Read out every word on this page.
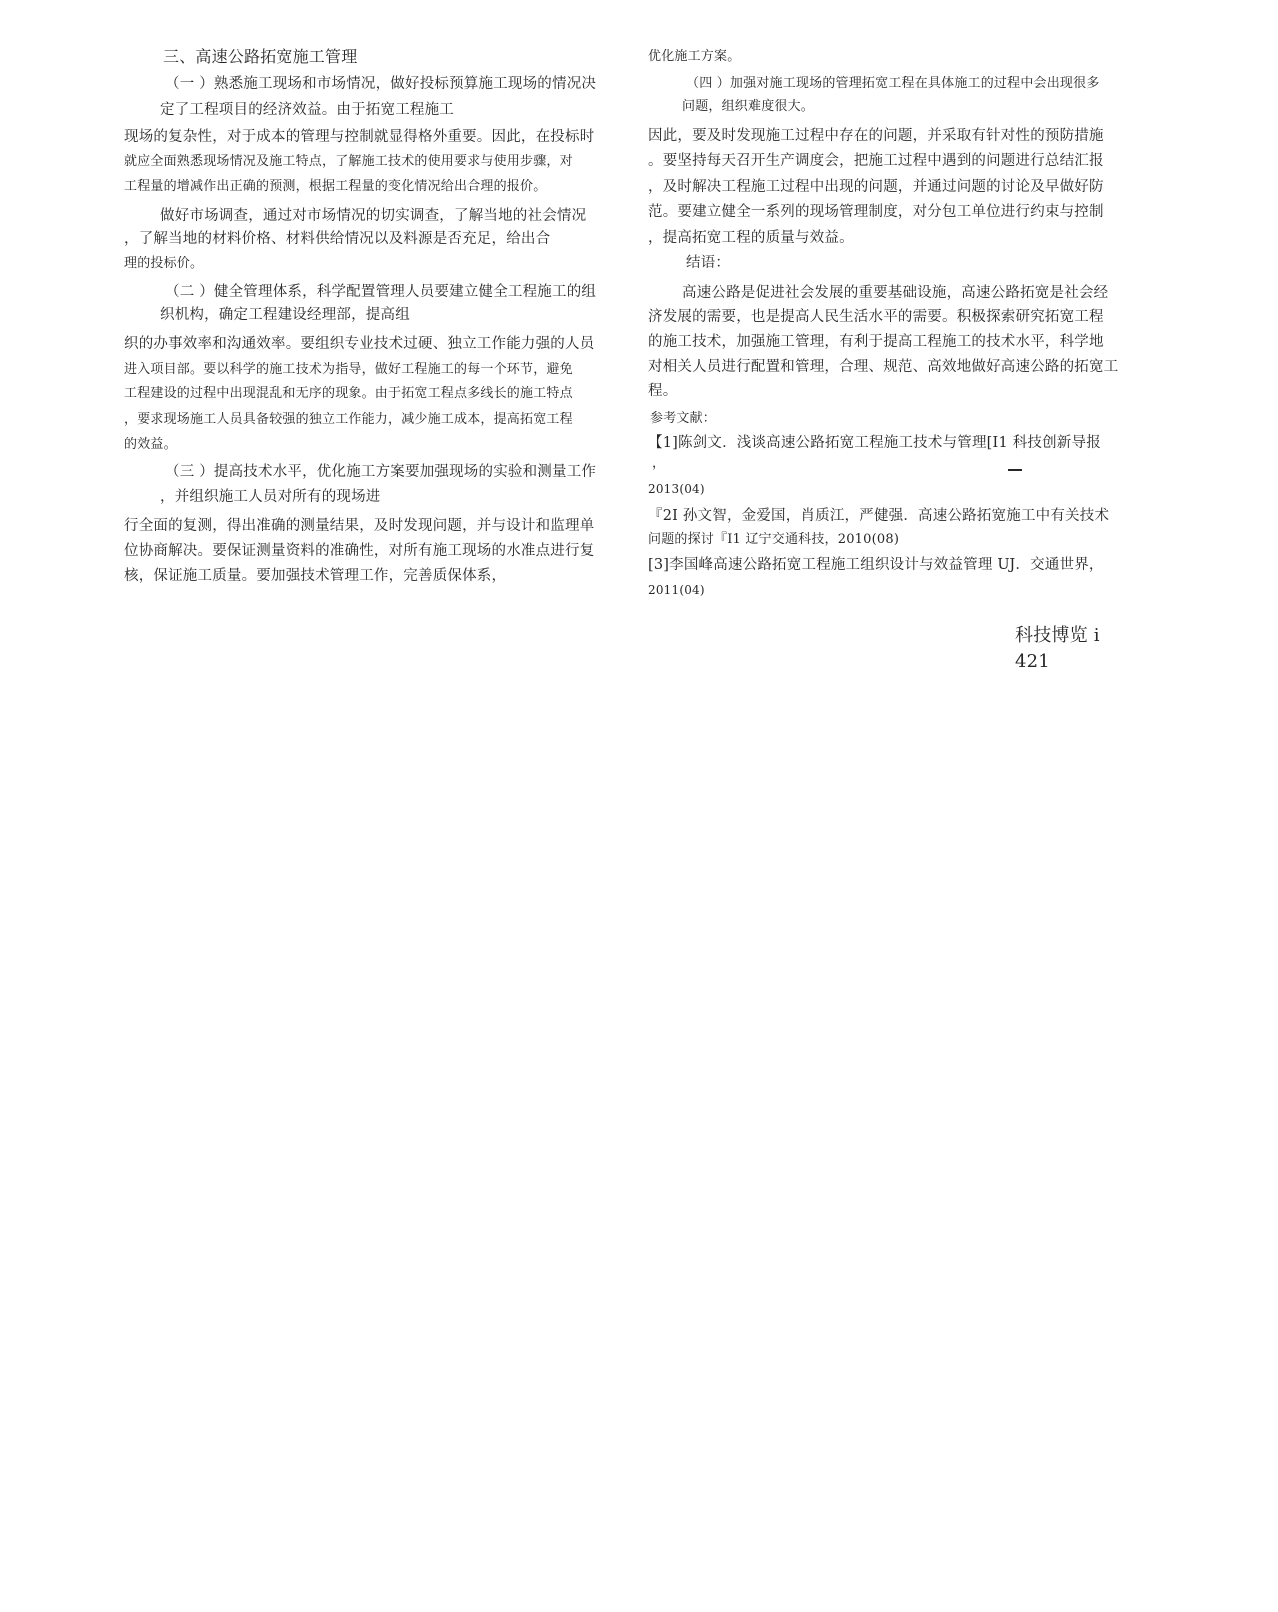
三、高速公路拓宽施工管理
（一 ）熟悉施工现场和市场情况，做好投标预算施工现场的情况决
定了工程项目的经济效益。由于拓宽工程施工
现场的复杂性，对于成本的管理与控制就显得格外重要。因此，在投标时
就应全面熟悉现场情况及施工特点，了解施工技术的使用要求与使用步骤，对
工程量的增减作出正确的预测，根据工程量的变化情况给出合理的报价。
做好市场调查，通过对市场情况的切实调查，了解当地的社会情况
，了解当地的材料价格、材料供给情况以及料源是否充足，给出合
理的投标价。
（二 ）健全管理体系，科学配置管理人员要建立健全工程施工的组
织机构，确定工程建设经理部，提高组
织的办事效率和沟通效率。要组织专业技术过硬、独立工作能力强的人员
进入项目部。要以科学的施工技术为指导，做好工程施工的每一个环节，避免
工程建设的过程中出现混乱和无序的现象。由于拓宽工程点多线长的施工特点
，要求现场施工人员具备较强的独立工作能力，减少施工成本，提高拓宽工程
的效益。
（三 ）提高技术水平，优化施工方案要加强现场的实验和测量工作
，并组织施工人员对所有的现场进
行全面的复测，得出准确的测量结果，及时发现问题，并与设计和监理单
位协商解决。要保证测量资料的准确性，对所有施工现场的水准点进行复
核，保证施工质量。要加强技术管理工作，完善质保体系，
优化施工方案。
（四 ）加强对施工现场的管理拓宽工程在具体施工的过程中会出现很多
问题，组织难度很大。
因此，要及时发现施工过程中存在的问题，并采取有针对性的预防措施
。要坚持每天召开生产调度会，把施工过程中遇到的问题进行总结汇报
，及时解决工程施工过程中出现的问题，并通过问题的讨论及早做好防
范。要建立健全一系列的现场管理制度，对分包工单位进行约束与控制
，提高拓宽工程的质量与效益。
结语：
高速公路是促进社会发展的重要基础设施，高速公路拓宽是社会经
济发展的需要，也是提高人民生活水平的需要。积极探索研究拓宽工程
的施工技术，加强施工管理，有利于提高工程施工的技术水平，科学地
对相关人员进行配置和管理，合理、规范、高效地做好高速公路的拓宽工
程。
参考文献：
【1]陈剑文．浅谈高速公路拓宽工程施工技术与管理[I1 科技创新导报
，
2013(04)
『2I 孙文智，金爱国，肖质江，严健强．高速公路拓宽施工中有关技术
问题的探讨『I1 辽宁交通科技，2010(08)
[3]李国峰高速公路拓宽工程施工组织设计与效益管理 UJ．交通世界，
2011(04)
科技博览 i
421
